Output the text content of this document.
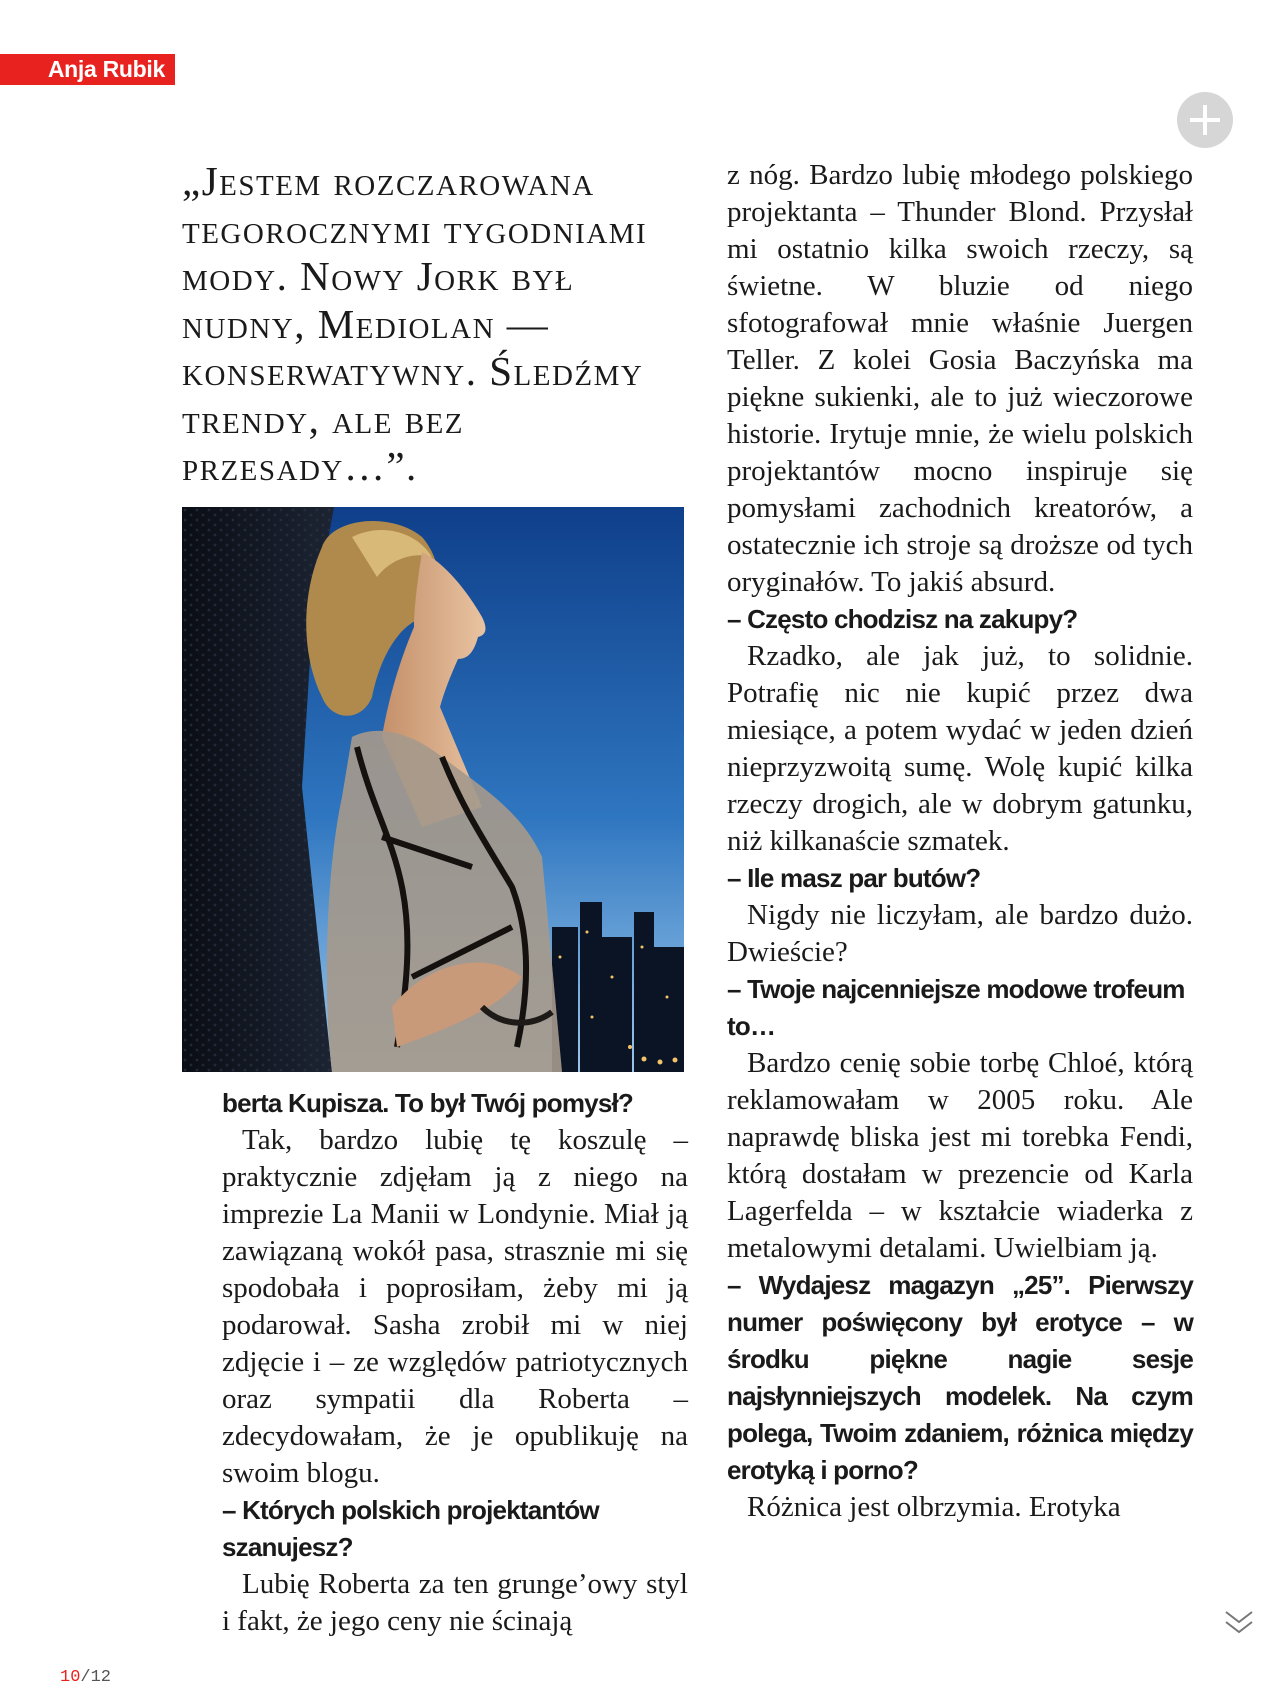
Anja Rubik
„Jestem rozczarowana tegorocznymi tygodniami mody. Nowy Jork był nudny, Mediolan — konserwatywny. Śledźmy trendy, ale bez przesady…”.

berta Kupisza. To był Twój pomysł?

Tak, bardzo lubię tę koszulę – praktycznie zdjęłam ją z niego na imprezie La Manii w Londynie. Miał ją zawiązaną wokół pasa, strasznie mi się spodobała i poprosiłam, żeby mi ją podarował. Sasha zrobił mi w niej zdjęcie i – ze względów patriotycznych oraz sympatii dla Roberta – zdecydowałam, że je opublikuję na swoim blogu.

– Których polskich projektantów szanujesz?

Lubię Roberta za ten grunge’owy styl i fakt, że jego ceny nie ścinają

z nóg. Bardzo lubię młodego polskiego projektanta – Thunder Blond. Przysłał mi ostatnio kilka swoich rzeczy, są świetne. W bluzie od niego sfotografował mnie właśnie Juergen Teller. Z kolei Gosia Baczyńska ma piękne sukienki, ale to już wieczorowe historie. Irytuje mnie, że wielu polskich projektantów mocno inspiruje się pomysłami zachodnich kreatorów, a ostatecznie ich stroje są droższe od tych oryginałów. To jakiś absurd.

– Często chodzisz na zakupy?

Rzadko, ale jak już, to solidnie. Potrafię nic nie kupić przez dwa miesiące, a potem wydać w jeden dzień nieprzyzwoitą sumę. Wolę kupić kilka rzeczy drogich, ale w dobrym gatunku, niż kilkanaście szmatek.

– Ile masz par butów?

Nigdy nie liczyłam, ale bardzo dużo. Dwieście?

– Twoje najcenniejsze modowe trofeum to…

Bardzo cenię sobie torbę Chloé, którą reklamowałam w 2005 roku. Ale naprawdę bliska jest mi torebka Fendi, którą dostałam w prezencie od Karla Lagerfelda – w kształcie wiaderka z metalowymi detalami. Uwielbiam ją.

– Wydajesz magazyn „25”. Pierwszy numer poświęcony był erotyce – w środku piękne nagie sesje najsłynniejszych modelek. Na czym polega, Twoim zdaniem, różnica między erotyką i porno?

Różnica jest olbrzymia. Erotyka

10/12
